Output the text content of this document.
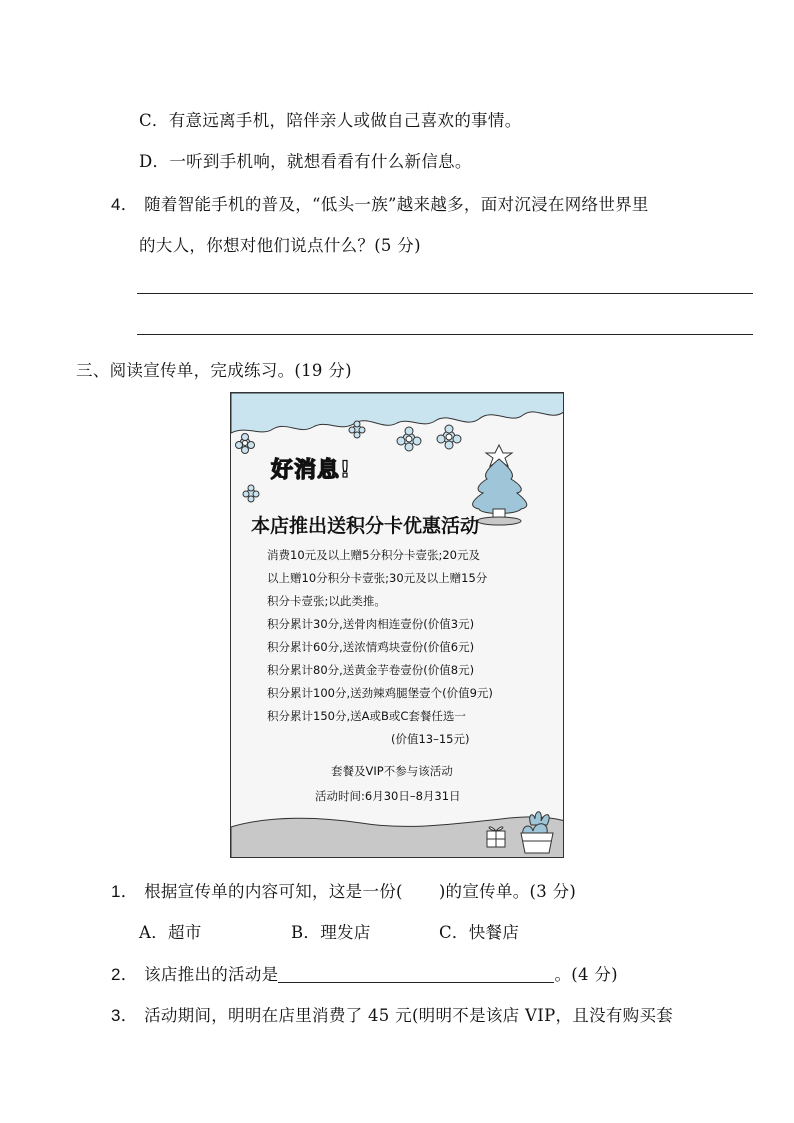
C．有意远离手机，陪伴亲人或做自己喜欢的事情。
D．一听到手机响，就想看看有什么新信息。
4． 随着智能手机的普及，“低头一族”越来越多，面对沉浸在网络世界里
的大人，你想对他们说点什么？(5 分)
三、阅读宣传单，完成练习。(19 分)
好消息!
本店推出送积分卡优惠活动
消费10元及以上赠5分积分卡壹张;20元及
以上赠10分积分卡壹张;30元及以上赠15分
积分卡壹张;以此类推。
积分累计30分,送骨肉相连壹份(价值3元)
积分累计60分,送浓情鸡块壹份(价值6元)
积分累计80分,送黄金芋卷壹份(价值8元)
积分累计100分,送劲辣鸡腿堡壹个(价值9元)
积分累计150分,送A或B或C套餐任选一
(价值13–15元)
套餐及VIP不参与该活动
活动时间:6月30日–8月31日
1． 根据宣传单的内容可知，这是一份( )的宣传单。(3 分)
A．超市	B．理发店	C．快餐店
2． 该店推出的活动是	。(4 分)
3． 活动期间，明明在店里消费了 45 元(明明不是该店 VIP，且没有购买套
